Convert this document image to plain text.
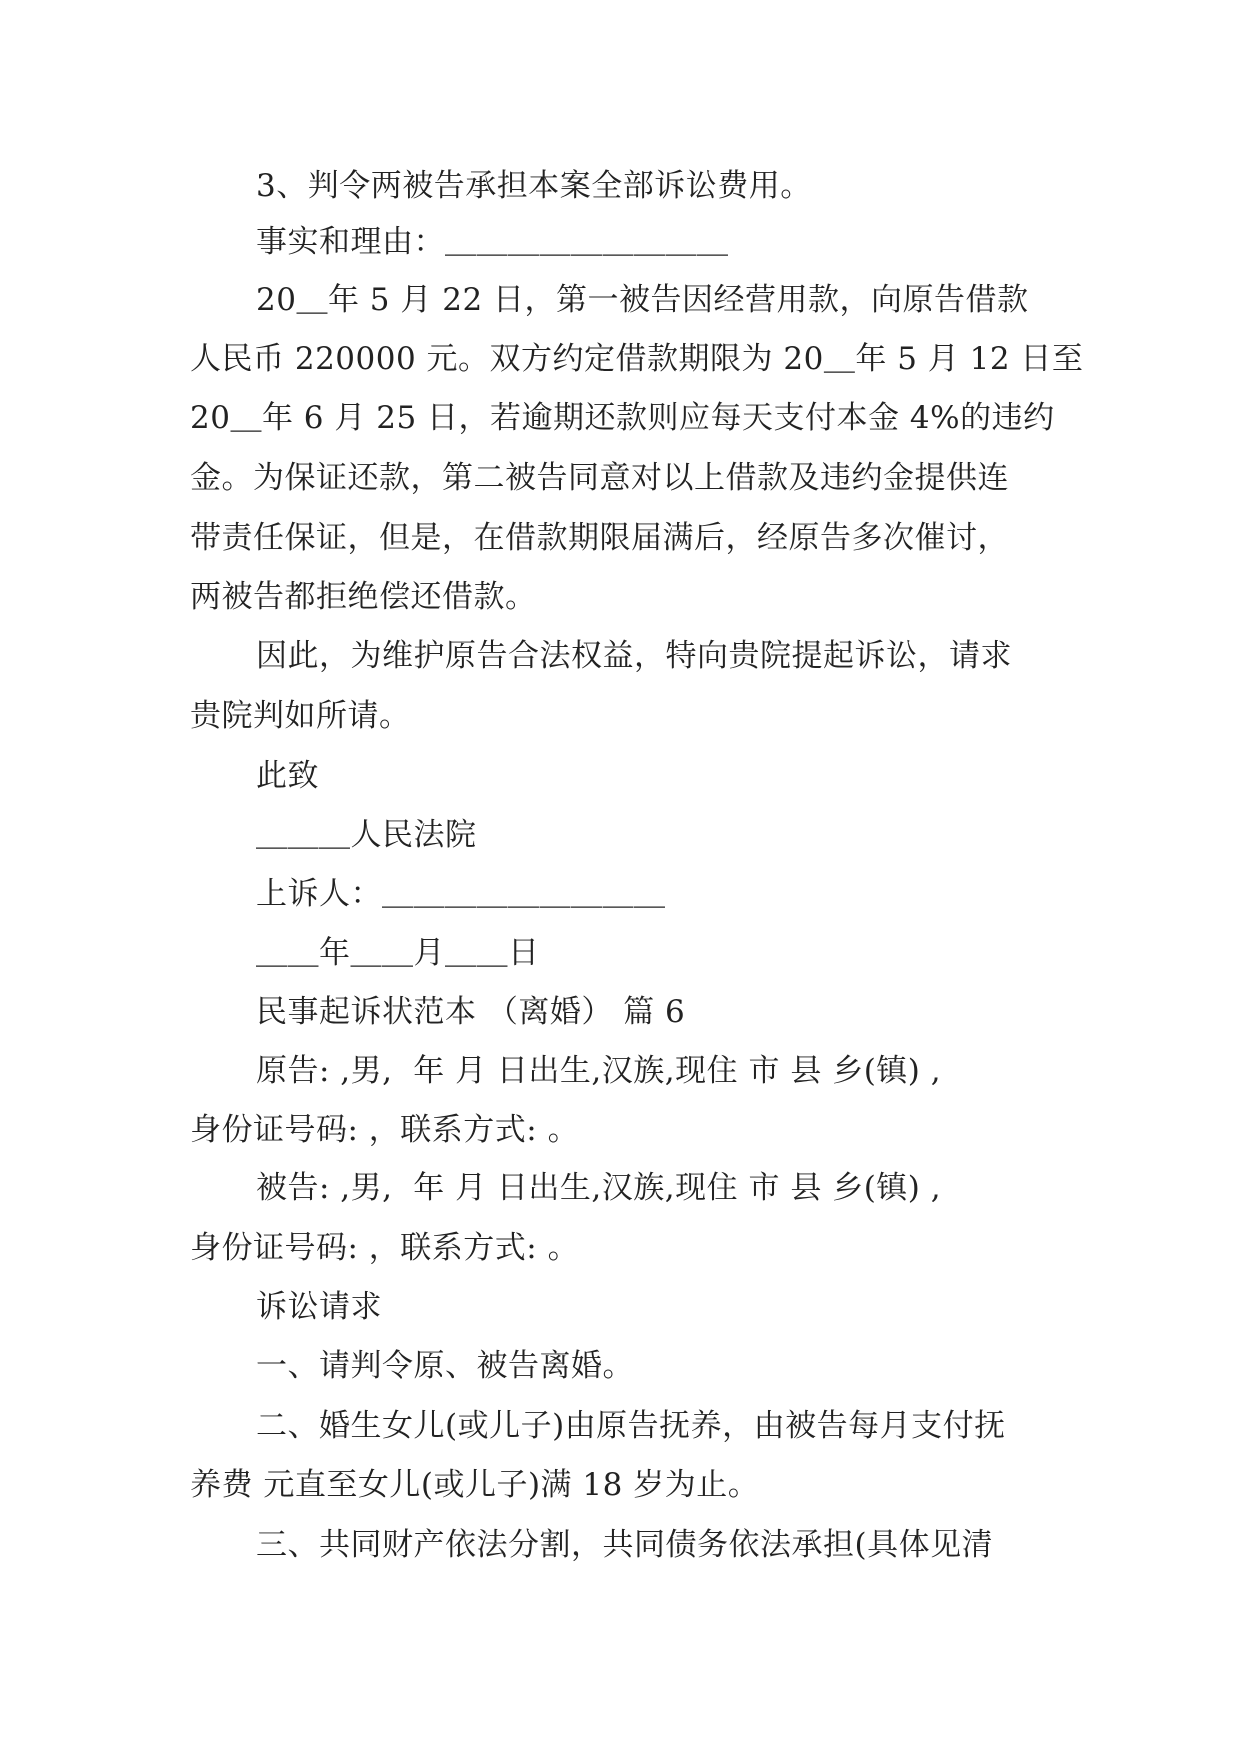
3、判令两被告承担本案全部诉讼费用。
事实和理由：＿＿＿＿＿＿＿＿＿
20＿年 5 月 22 日，第一被告因经营用款，向原告借款
人民币 220000 元。双方约定借款期限为 20＿年 5 月 12 日至
20＿年 6 月 25 日，若逾期还款则应每天支付本金 4%的违约
金。为保证还款，第二被告同意对以上借款及违约金提供连
带责任保证，但是，在借款期限届满后，经原告多次催讨，
两被告都拒绝偿还借款。
因此，为维护原告合法权益，特向贵院提起诉讼，请求
贵院判如所请。
此致
＿＿＿人民法院
上诉人：＿＿＿＿＿＿＿＿＿
＿＿年＿＿月＿＿日
民事起诉状范本 （离婚） 篇 6
原告: ,男,  年 月 日出生,汉族,现住 市 县 乡(镇) ,
身份证号码: ，联系方式: 。
被告: ,男,  年 月 日出生,汉族,现住 市 县 乡(镇) ,
身份证号码: ，联系方式: 。
诉讼请求
一、请判令原、被告离婚。
二、婚生女儿(或儿子)由原告抚养，由被告每月支付抚
养费 元直至女儿(或儿子)满 18 岁为止。
三、共同财产依法分割，共同债务依法承担(具体见清
